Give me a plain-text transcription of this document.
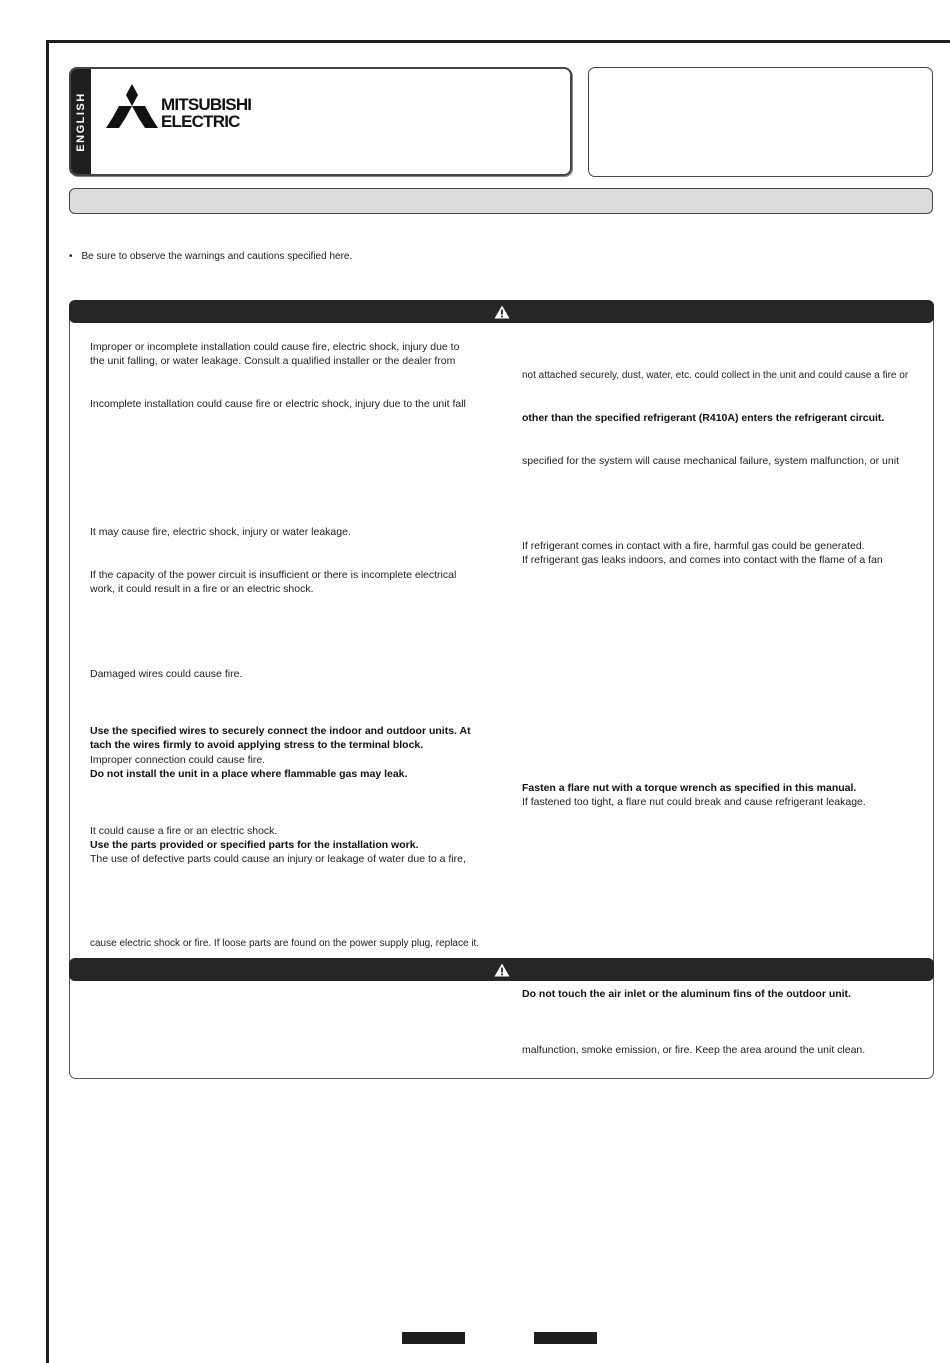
ENGLISH	MITSUBISHI
ELECTRIC
• Be sure to observe the warnings and cautions specified here.
Improper or incomplete installation could cause fire, electric shock, injury due to
the unit falling, or water leakage. Consult a qualified installer or the dealer from
Incomplete installation could cause fire or electric shock, injury due to the unit fall
It may cause fire, electric shock, injury or water leakage.
If the capacity of the power circuit is insufficient or there is incomplete electrical
work, it could result in a fire or an electric shock.
Damaged wires could cause fire.
Use the specified wires to securely connect the indoor and outdoor units. At
tach the wires firmly to avoid applying stress to the terminal block.
Improper connection could cause fire.
Do not install the unit in a place where flammable gas may leak.
It could cause a fire or an electric shock.
Use the parts provided or specified parts for the installation work.
The use of defective parts could cause an injury or leakage of water due to a fire,
cause electric shock or fire. If loose parts are found on the power supply plug, replace it.
not attached securely, dust, water, etc. could collect in the unit and could cause a fire or
other than the specified refrigerant (R410A) enters the refrigerant circuit.
specified for the system will cause mechanical failure, system malfunction, or unit
If refrigerant comes in contact with a fire, harmful gas could be generated.
If refrigerant gas leaks indoors, and comes into contact with the flame of a fan
Fasten a flare nut with a torque wrench as specified in this manual.
If fastened too tight, a flare nut could break and cause refrigerant leakage.
Do not touch the air inlet or the aluminum fins of the outdoor unit.
malfunction, smoke emission, or fire. Keep the area around the unit clean.
